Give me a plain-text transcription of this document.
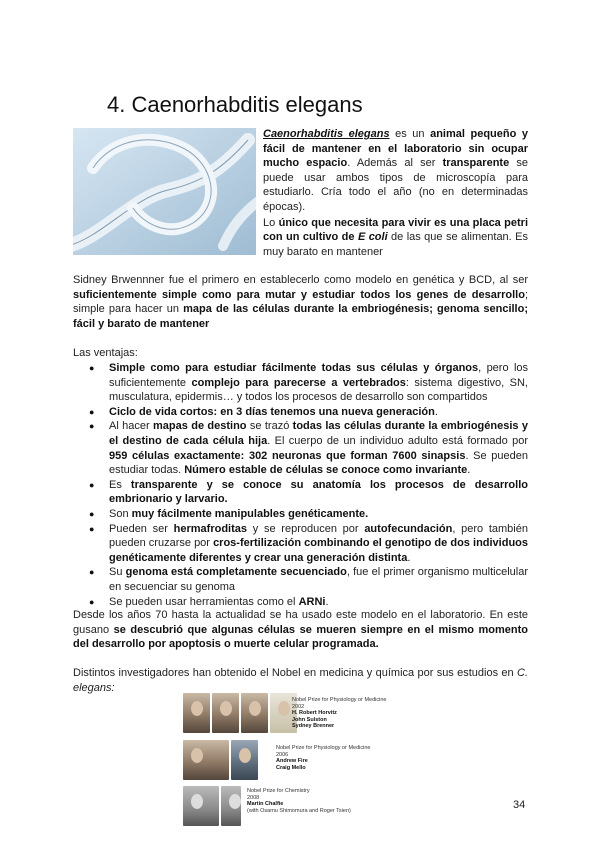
4. Caenorhabditis elegans

Caenorhabditis elegans es un animal pequeño y fácil de mantener en el laboratorio sin ocupar mucho espacio. Además al ser transparente se puede usar ambos tipos de microscopía para estudiarlo. Cría todo el año (no en determinadas épocas).

Lo único que necesita para vivir es una placa petri con un cultivo de E coli de las que se alimentan. Es muy barato en mantener

Sidney Brwennner fue el primero en establecerlo como modelo en genética y BCD, al ser suficientemente simple como para mutar y estudiar todos los genes de desarrollo; simple para hacer un mapa de las células durante la embriogénesis; genoma sencillo; fácil y barato de mantener

Las ventajas:

● Simple como para estudiar fácilmente todas sus células y órganos, pero los suficientemente complejo para parecerse a vertebrados: sistema digestivo, SN, musculatura, epidermis… y todos los procesos de desarrollo son compartidos
● Ciclo de vida cortos: en 3 días tenemos una nueva generación.
● Al hacer mapas de destino se trazó todas las células durante la embriogénesis y el destino de cada célula hija. El cuerpo de un individuo adulto está formado por 959 células exactamente: 302 neuronas que forman 7600 sinapsis. Se pueden estudiar todas. Número estable de células se conoce como invariante.
● Es transparente y se conoce su anatomía los procesos de desarrollo embrionario y larvario.
● Son muy fácilmente manipulables genéticamente.
● Pueden ser hermafroditas y se reproducen por autofecundación, pero también pueden cruzarse por cros-fertilización combinando el genotipo de dos individuos genéticamente diferentes y crear una generación distinta.
● Su genoma está completamente secuenciado, fue el primer organismo multicelular en secuenciar su genoma
● Se pueden usar herramientas como el ARNi.

Desde los años 70 hasta la actualidad se ha usado este modelo en el laboratorio. En este gusano se descubrió que algunas células se mueren siempre en el mismo momento del desarrollo por apoptosis o muerte celular programada.

Distintos investigadores han obtenido el Nobel en medicina y química por sus estudios en C. elegans:

Nobel Prize for Physiology or Medicine
2002
H. Robert Horvitz
John Sulston
Sydney Brenner
Nobel Prize for Physiology or Medicine
2006
Andrew Fire
Craig Mello
Nobel Prize for Chemistry
2008
Martin Chalfie
(with Osamu Shimomura and Roger Tsien)	34
